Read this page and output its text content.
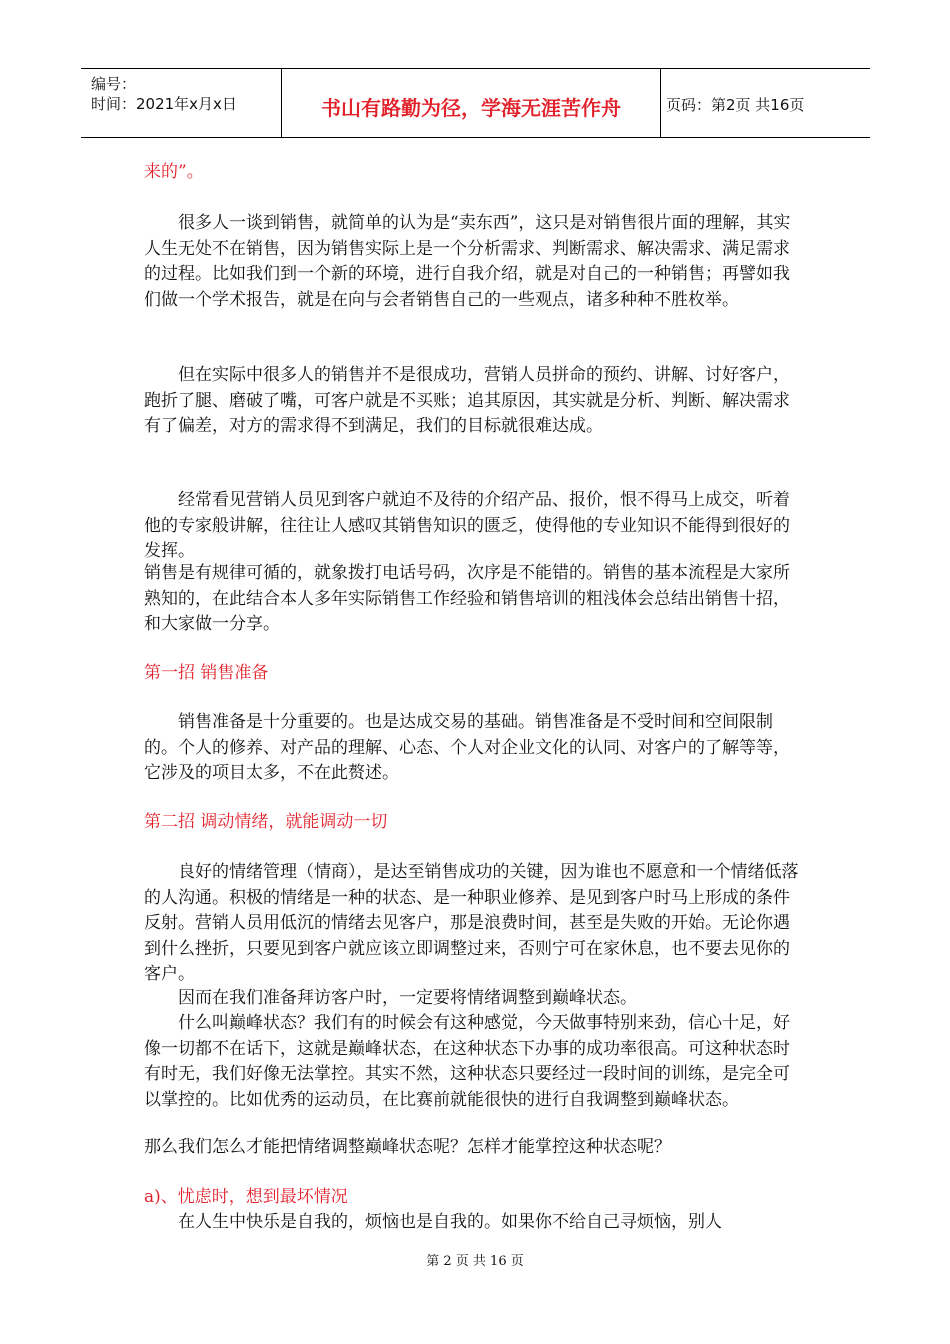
编号：
时间：2021年x月x日	书山有路勤为径，学海无涯苦作舟	页码：第2页 共16页

来的”。

　　很多人一谈到销售，就简单的认为是“卖东西”，这只是对销售很片面的理解，其实人生无处不在销售，因为销售实际上是一个分析需求、判断需求、解决需求、满足需求的过程。比如我们到一个新的环境，进行自我介绍，就是对自己的一种销售；再譬如我们做一个学术报告，就是在向与会者销售自己的一些观点，诸多种种不胜枚举。

　　但在实际中很多人的销售并不是很成功，营销人员拼命的预约、讲解、讨好客户，跑折了腿、磨破了嘴，可客户就是不买账；追其原因，其实就是分析、判断、解决需求有了偏差，对方的需求得不到满足，我们的目标就很难达成。

　　经常看见营销人员见到客户就迫不及待的介绍产品、报价，恨不得马上成交，听着他的专家般讲解，往往让人感叹其销售知识的匮乏，使得他的专业知识不能得到很好的发挥。

销售是有规律可循的，就象拨打电话号码，次序是不能错的。销售的基本流程是大家所熟知的，在此结合本人多年实际销售工作经验和销售培训的粗浅体会总结出销售十招，和大家做一分享。

第一招 销售准备

　　销售准备是十分重要的。也是达成交易的基础。销售准备是不受时间和空间限制的。个人的修养、对产品的理解、心态、个人对企业文化的认同、对客户的了解等等，它涉及的项目太多，不在此赘述。

第二招 调动情绪，就能调动一切

　　良好的情绪管理（情商），是达至销售成功的关键，因为谁也不愿意和一个情绪低落的人沟通。积极的情绪是一种的状态、是一种职业修养、是见到客户时马上形成的条件反射。营销人员用低沉的情绪去见客户，那是浪费时间，甚至是失败的开始。无论你遇到什么挫折，只要见到客户就应该立即调整过来，否则宁可在家休息，也不要去见你的客户。

　　因而在我们准备拜访客户时，一定要将情绪调整到巅峰状态。

　　什么叫巅峰状态？我们有的时候会有这种感觉，今天做事特别来劲，信心十足，好像一切都不在话下，这就是巅峰状态，在这种状态下办事的成功率很高。可这种状态时有时无，我们好像无法掌控。其实不然，这种状态只要经过一段时间的训练，是完全可以掌控的。比如优秀的运动员，在比赛前就能很快的进行自我调整到巅峰状态。

那么我们怎么才能把情绪调整巅峰状态呢？怎样才能掌控这种状态呢？

a)、忧虑时，想到最坏情况

　　在人生中快乐是自我的，烦恼也是自我的。如果你不给自己寻烦恼，别人

第 2 页 共 16 页
